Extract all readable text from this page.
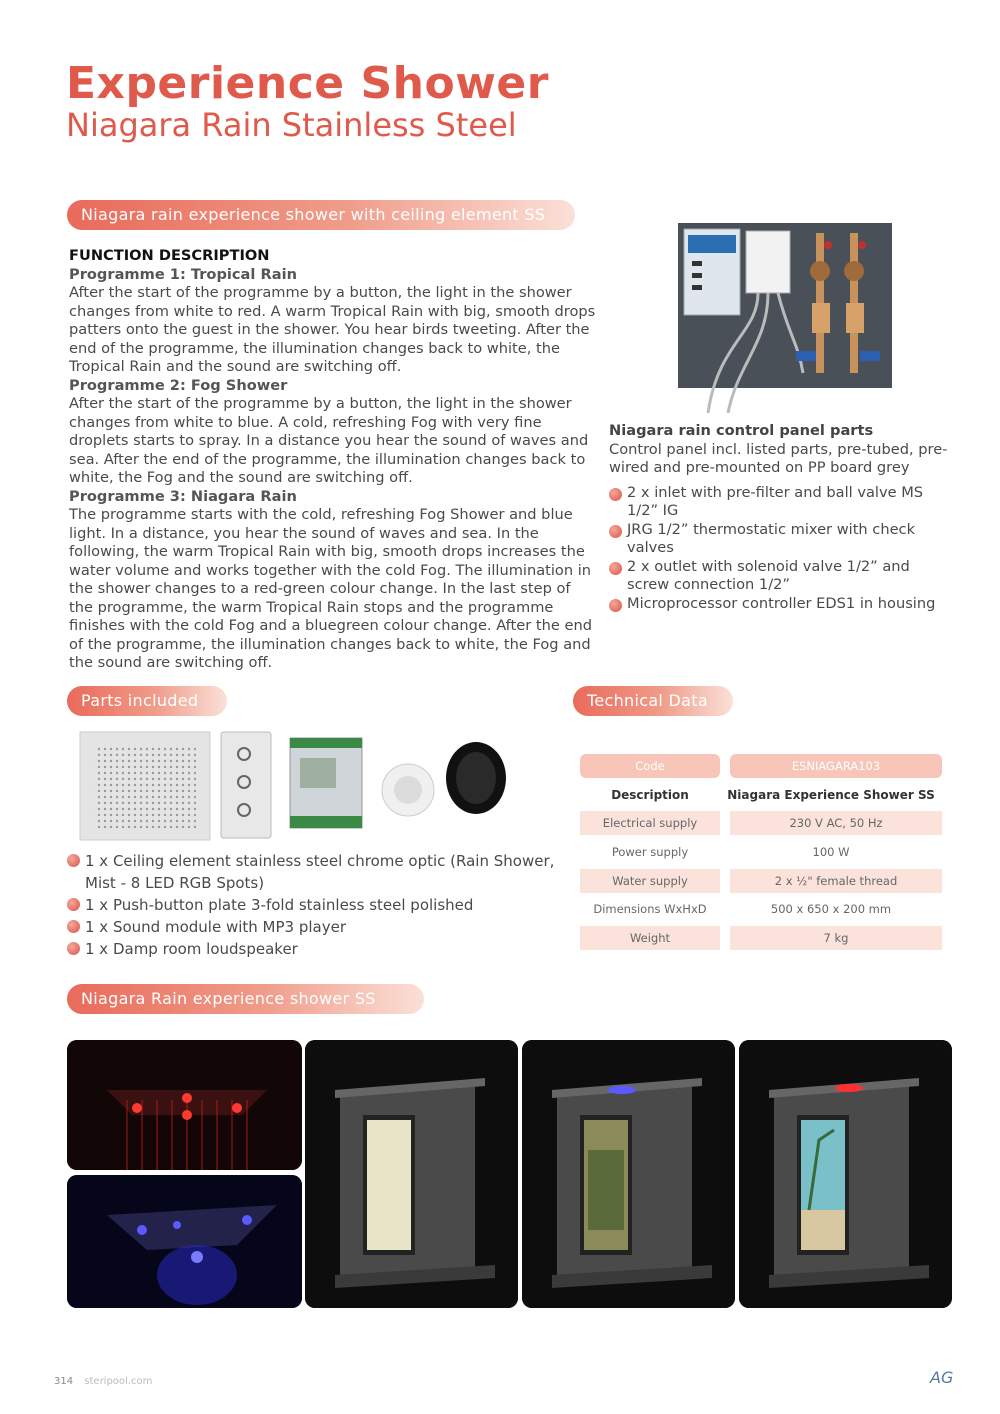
Experience Shower
Niagara Rain Stainless Steel
Niagara rain experience shower with ceiling element SS

FUNCTION DESCRIPTION

Programme 1: Tropical Rain

After the start of the programme by a button, the light in the shower changes from white to red. A warm Tropical Rain with big, smooth drops patters onto the guest in the shower. You hear birds tweeting. After the end of the programme, the illumination changes back to white, the Tropical Rain and the sound are switching off.

Programme 2: Fog Shower

After the start of the programme by a button, the light in the shower changes from white to blue. A cold, refreshing Fog with very fine droplets starts to spray. In a distance you hear the sound of waves and sea. After the end of the programme, the illumination changes back to white, the Fog and the sound are switching off.

Programme 3: Niagara Rain

The programme starts with the cold, refreshing Fog Shower and blue light. In a distance, you hear the sound of waves and sea. In the following, the warm Tropical Rain with big, smooth drops increases the water volume and works together with the cold Fog. The illumination in the shower changes to a red-green colour change. In the last step of the programme, the warm Tropical Rain stops and the programme finishes with the cold Fog and a bluegreen colour change. After the end of the programme, the illumination changes back to white, the Fog and the sound are switching off.

Niagara rain control panel parts

Control panel incl. listed parts, pre-tubed, pre-wired and pre-mounted on PP board grey

2 x inlet with pre-filter and ball valve MS 1/2” IG
JRG 1/2” thermostatic mixer with check valves
2 x outlet with solenoid valve 1/2” and screw connection 1/2”
Microprocessor controller EDS1 in housing
Parts included
1 x Ceiling element stainless steel chrome optic (Rain Shower, Mist - 8 LED RGB Spots)
1 x Push-button plate 3-fold stainless steel polished
1 x Sound module with MP3 player
1 x Damp room loudspeaker
Technical Data
Code	ESNIAGARA103
Description	Niagara Experience Shower SS
Electrical supply	230 V AC, 50 Hz
Power supply	100 W
Water supply	2 x ½" female thread
Dimensions WxHxD	500 x 650 x 200 mm
Weight	7 kg
Niagara Rain experience shower SS
314 steripool.com	AG
